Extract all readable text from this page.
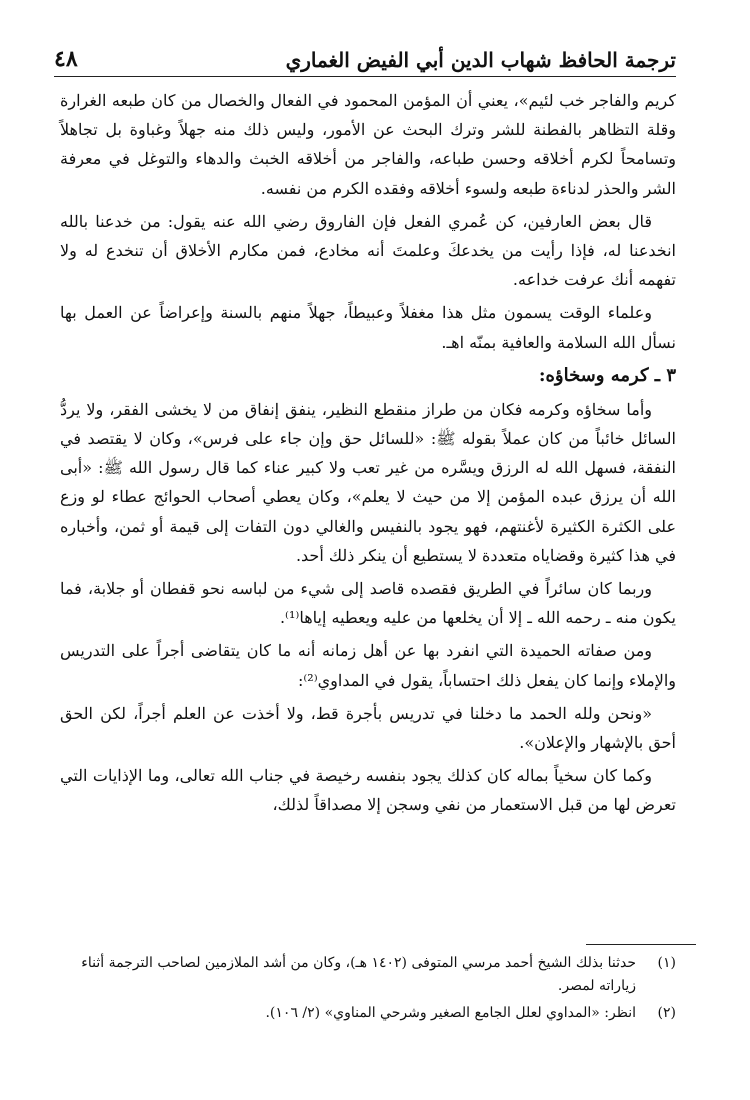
ترجمة الحافظ شهاب الدين أبي الفيض الغماري
٤٨

كريم والفاجر خب لئيم»، يعني أن المؤمن المحمود في الفعال والخصال من كان طبعه الغرارة وقلة التظاهر بالفطنة للشر وترك البحث عن الأمور، وليس ذلك منه جهلاً وغباوة بل تجاهلاً وتسامحاً لكرم أخلاقه وحسن طباعه، والفاجر من أخلاقه الخبث والدهاء والتوغل في معرفة الشر والحذر لدناءة طبعه ولسوء أخلاقه وفقده الكرم من نفسه.

قال بعض العارفين، كن عُمري الفعل فإن الفاروق رضي الله عنه يقول: من خدعنا بالله انخدعنا له، فإذا رأيت من يخدعكَ وعلمتَ أنه مخادع، فمن مكارم الأخلاق أن تنخدع له ولا تفهمه أنك عرفت خداعه.

وعلماء الوقت يسمون مثل هذا مغفلاً وعبيطاً، جهلاً منهم بالسنة وإعراضاً عن العمل بها نسأل الله السلامة والعافية بمنّه اهـ.

٣ ـ كرمه وسخاؤه:

وأما سخاؤه وكرمه فكان من طراز منقطع النظير، ينفق إنفاق من لا يخشى الفقر، ولا يردُّ السائل خائباً من كان عملاً بقوله ﷺ: «للسائل حق وإن جاء على فرس»، وكان لا يقتصد في النفقة، فسهل الله له الرزق ويسَّره من غير تعب ولا كبير عناء كما قال رسول الله ﷺ: «أبى الله أن يرزق عبده المؤمن إلا من حيث لا يعلم»، وكان يعطي أصحاب الحوائج عطاء لو وزع على الكثرة الكثيرة لأغنتهم، فهو يجود بالنفيس والغالي دون التفات إلى قيمة أو ثمن، وأخباره في هذا كثيرة وقضاياه متعددة لا يستطيع أن ينكر ذلك أحد.

وربما كان سائراً في الطريق فقصده قاصد إلى شيء من لباسه نحو قفطان أو جلابة، فما يكون منه ـ رحمه الله ـ إلا أن يخلعها من عليه ويعطيه إياها⁽¹⁾.

ومن صفاته الحميدة التي انفرد بها عن أهل زمانه أنه ما كان يتقاضى أجراً على التدريس والإملاء وإنما كان يفعل ذلك احتساباً، يقول في المداوي⁽²⁾:

«ونحن ولله الحمد ما دخلنا في تدريس بأجرة قط، ولا أخذت عن العلم أجراً، لكن الحق أحق بالإشهار والإعلان».

وكما كان سخياً بماله كان كذلك يجود بنفسه رخيصة في جناب الله تعالى، وما الإذايات التي تعرض لها من قبل الاستعمار من نفي وسجن إلا مصداقاً لذلك،

(١)
حدثنا بذلك الشيخ أحمد مرسي المتوفى (١٤٠٢ هـ)، وكان من أشد الملازمين لصاحب الترجمة أثناء زياراته لمصر.
(٢)
انظر: «المداوي لعلل الجامع الصغير وشرحي المناوي» (٢/ ١٠٦).
